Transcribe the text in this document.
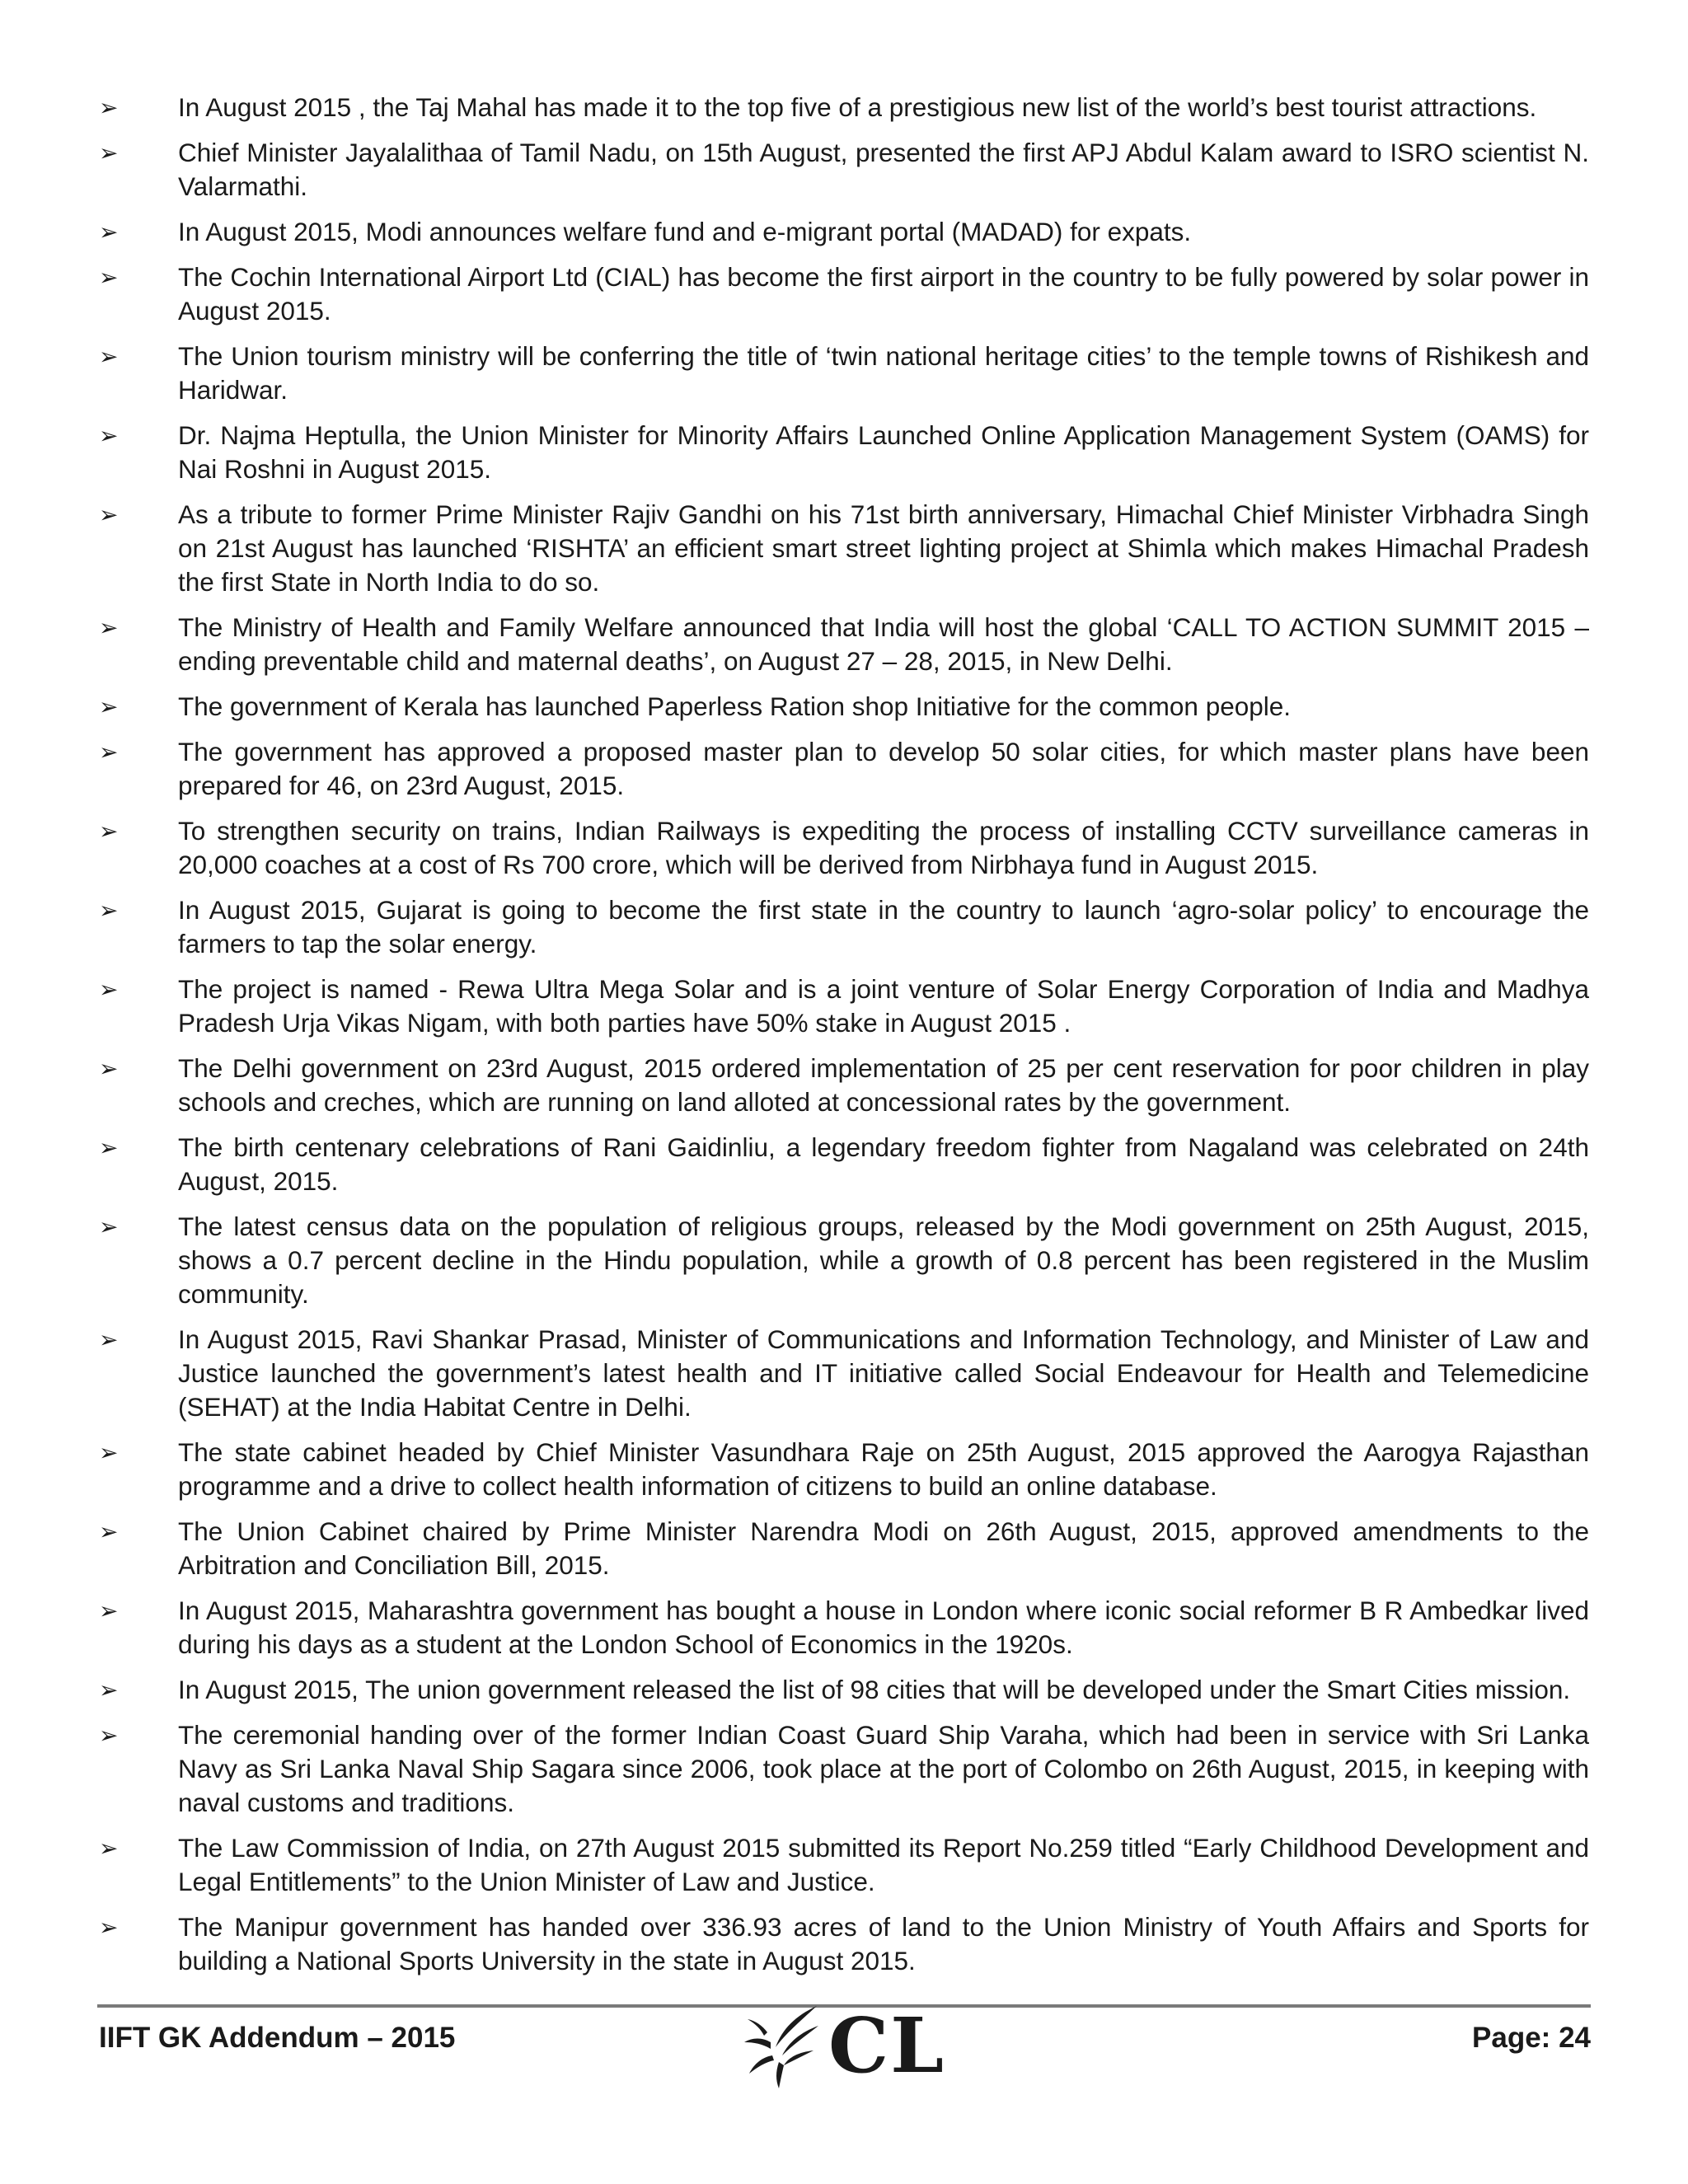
➢	In August 2015 , the Taj Mahal has made it to the top five of a prestigious new list of the world’s best tourist attractions.
➢	Chief Minister Jayalalithaa of Tamil Nadu, on 15th August, presented the first APJ Abdul Kalam award to ISRO scientist N. Valarmathi.
➢	In August 2015, Modi announces welfare fund and e-migrant portal (MADAD) for expats.
➢	The Cochin International Airport Ltd (CIAL) has become the first airport in the country to be fully powered by solar power in August 2015.
➢	The Union tourism ministry will be conferring the title of ‘twin national heritage cities’ to the temple towns of Rishikesh and Haridwar.
➢	Dr. Najma Heptulla, the Union Minister for Minority Affairs Launched Online Application Management System (OAMS) for Nai Roshni in August 2015.
➢	As a tribute to former Prime Minister Rajiv Gandhi on his 71st birth anniversary, Himachal Chief Minister Virbhadra Singh on 21st August has launched ‘RISHTA’ an efficient smart street lighting project at Shimla which makes Himachal Pradesh the first State in North India to do so.
➢	The Ministry of Health and Family Welfare announced that India will host the global ‘CALL TO ACTION SUMMIT 2015 – ending preventable child and maternal deaths’, on August 27 – 28, 2015, in New Delhi.
➢	The government of Kerala has launched Paperless Ration shop Initiative for the common people.
➢	The government has approved a proposed master plan to develop 50 solar cities, for which master plans have been prepared for 46, on 23rd August, 2015.
➢	To strengthen security on trains, Indian Railways is expediting the process of installing CCTV surveillance cameras in 20,000 coaches at a cost of Rs 700 crore, which will be derived from Nirbhaya fund in August 2015.
➢	In August 2015, Gujarat is going to become the first state in the country to launch ‘agro-solar policy’ to encourage the farmers to tap the solar energy.
➢	The project is named - Rewa Ultra Mega Solar and is a joint venture of Solar Energy Corporation of India and Madhya Pradesh Urja Vikas Nigam, with both parties have 50% stake in August 2015 .
➢	The Delhi government on 23rd August, 2015 ordered implementation of 25 per cent reservation for poor children in play schools and creches, which are running on land alloted at concessional rates by the government.
➢	The birth centenary celebrations of Rani Gaidinliu, a legendary freedom fighter from Nagaland was celebrated on 24th August, 2015.
➢	The latest census data on the population of religious groups, released by the Modi government on 25th August, 2015, shows a 0.7 percent decline in the Hindu population, while a growth of 0.8 percent has been registered in the Muslim community.
➢	In August 2015, Ravi Shankar Prasad, Minister of Communications and Information Technology, and Minister of Law and Justice launched the government’s latest health and IT initiative called Social Endeavour for Health and Telemedicine (SEHAT) at the India Habitat Centre in Delhi.
➢	The state cabinet headed by Chief Minister Vasundhara Raje on 25th August, 2015 approved the Aarogya Rajasthan programme and a drive to collect health information of citizens to build an online database.
➢	The Union Cabinet chaired by Prime Minister Narendra Modi on 26th August, 2015, approved amendments to the Arbitration and Conciliation Bill, 2015.
➢	In August 2015, Maharashtra government has bought a house in London where iconic social reformer B R Ambedkar lived during his days as a student at the London School of Economics in the 1920s.
➢	In August 2015, The union government released the list of 98 cities that will be developed under the Smart Cities mission.
➢	The ceremonial handing over of the former Indian Coast Guard Ship Varaha, which had been in service with Sri Lanka Navy as Sri Lanka Naval Ship Sagara since 2006, took place at the port of Colombo on 26th August, 2015, in keeping with naval customs and traditions.
➢	The Law Commission of India, on 27th August 2015 submitted its Report No.259 titled “Early Childhood Development and Legal Entitlements” to the Union Minister of Law and Justice.
➢	The Manipur government has handed over 336.93 acres of land to the Union Ministry of Youth Affairs and Sports for building a National Sports University in the state in August 2015.
IIFT GK Addendum – 2015	CL	Page: 24
